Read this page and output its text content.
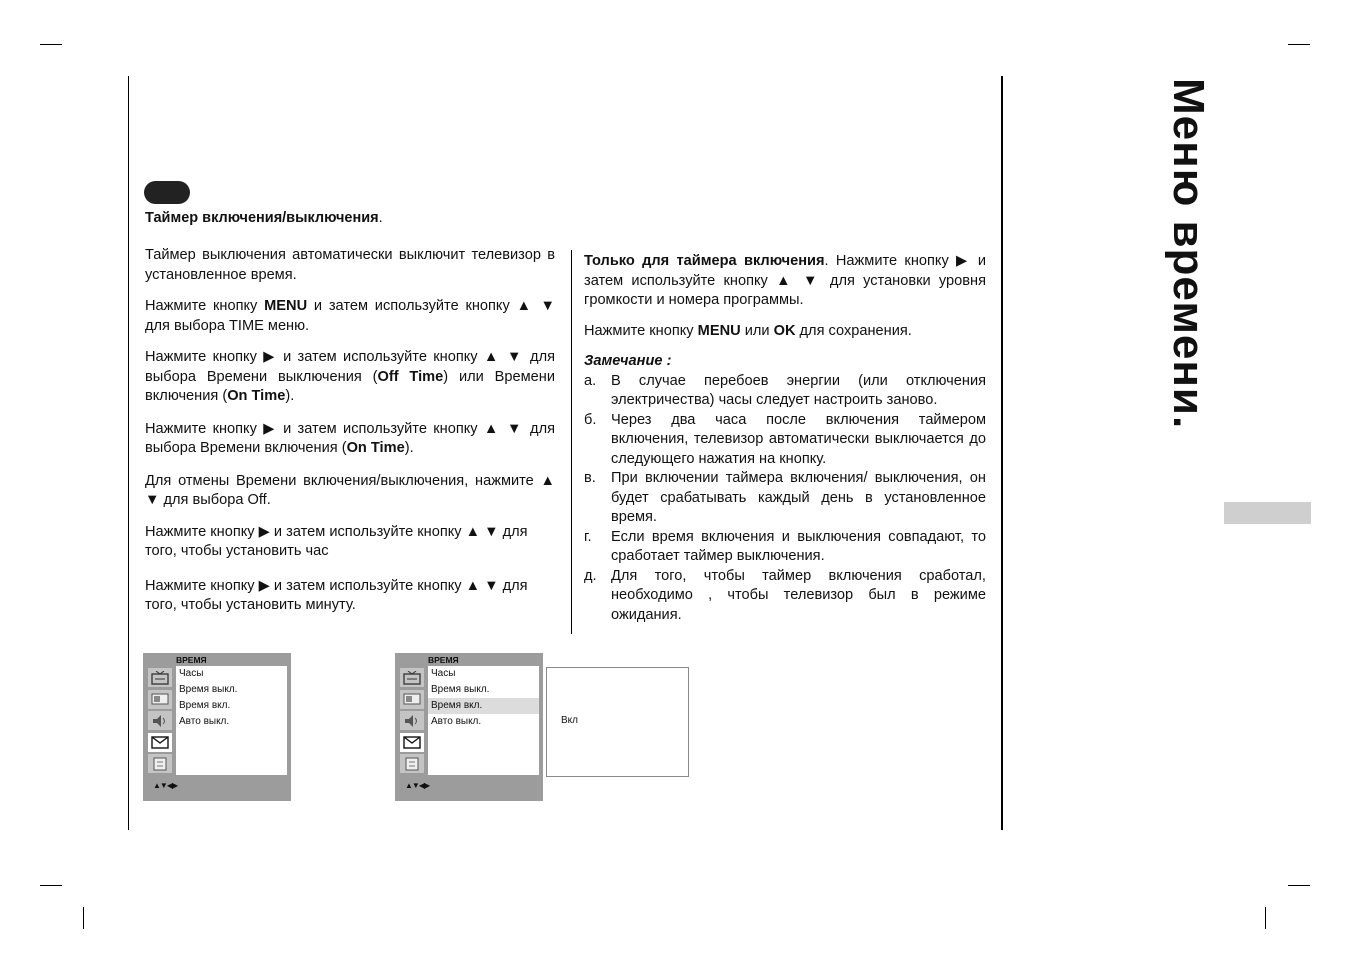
Таймер включения/выключения.

Таймер выключения автоматически выключит телевизор в установленное время.

Нажмите кнопку MENU и затем используйте кнопку ▲ ▼ для выбора TIME меню.

Нажмите кнопку ▶ и затем используйте кнопку ▲ ▼ для выбора Времени выключения (Off Time) или Времени включения (On Time).

Нажмите кнопку ▶ и затем используйте кнопку ▲ ▼ для выбора Времени включения (On Time).

Для отмены Времени включения/выключения, нажмите ▲ ▼ для выбора Off.

Нажмите кнопку ▶ и затем используйте кнопку ▲ ▼ для того, чтобы установить час

Нажмите кнопку ▶ и затем используйте кнопку ▲ ▼ для того, чтобы установить минуту.

Только для таймера включения. Нажмите кнопку ▶ и затем используйте кнопку ▲ ▼ для установки уровня громкости и номера программы.

Нажмите кнопку MENU или OK для сохранения.

Замечание :

а.	В случае перебоев энергии (или отключения электричества) часы следует настроить заново.
б. Через два часа после включения таймером включения, телевизор автоматически выключается до следующего нажатия на кнопку.
в.	При включении таймера включения/ выключения, он будет срабатывать каждый день в установленное время.
г.	Если время включения и выключения совпадают, то сработает таймер выключения.
д. Для того, чтобы таймер включения сработал, необходимо , чтобы телевизор был в режиме ожидания.
Меню времени.
ВРЕМЯ
Часы
Время выкл.
Время вкл.
Авто выкл.
▲▼◀▶
ВРЕМЯ
Часы
Время выкл.
Время вкл.
Авто выкл.
▲▼◀▶
Вкл
